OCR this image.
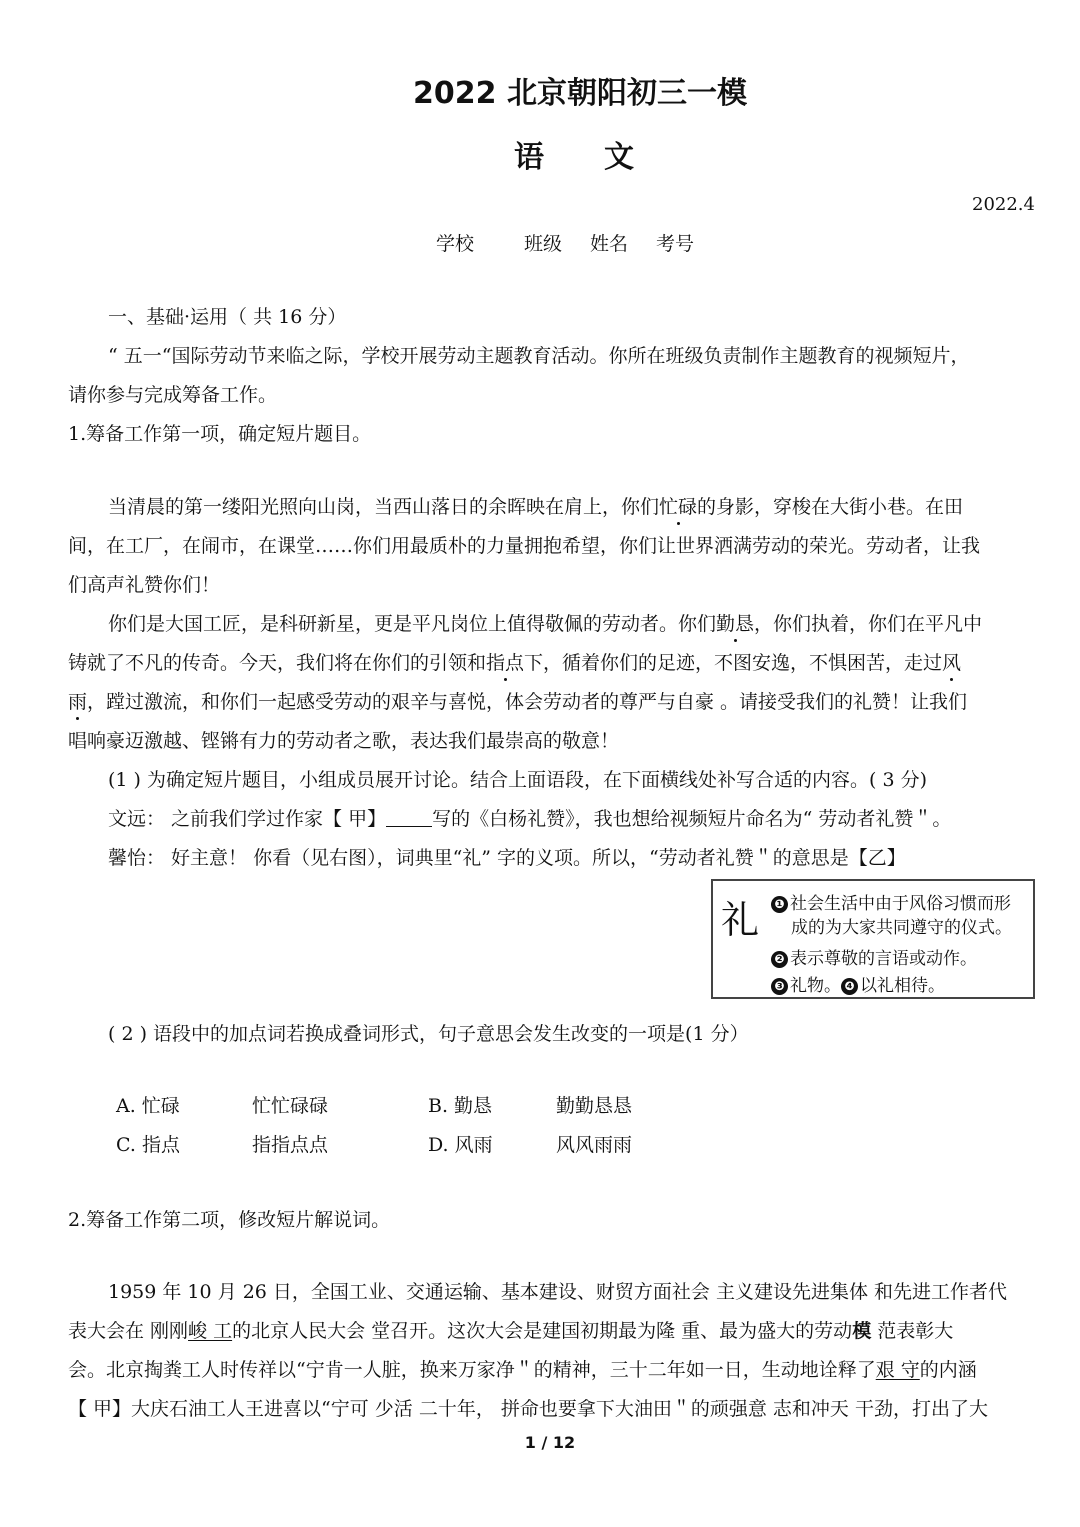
2022 北京朝阳初三一模
语文
2022.4
学校	班级 姓名 考号
一、基础·运用（ 共 16 分）
“ 五一“国际劳动节来临之际，学校开展劳动主题教育活动。你所在班级负责制作主题教育的视频短片，
请你参与完成筹备工作。
1.筹备工作第一项，确定短片题目。
当清晨的第一缕阳光照向山岗，当西山落日的余晖映在肩上，你们忙碌的身影，穿梭在大街小巷。在田
间，在工厂，在闹市，在课堂……你们用最质朴的力量拥抱希望，你们让世界洒满劳动的荣光。劳动者，让我
们高声礼赞你们！
你们是大国工匠，是科研新星，更是平凡岗位上值得敬佩的劳动者。你们勤恳，你们执着，你们在平凡中
铸就了不凡的传奇。今天，我们将在你们的引领和指点下，循着你们的足迹，不图安逸，不惧困苦，走过风
雨，蹚过激流，和你们一起感受劳动的艰辛与喜悦，体会劳动者的尊严与自豪 。请接受我们的礼赞！让我们
唱响豪迈激越、铿锵有力的劳动者之歌，表达我们最崇高的敬意！
(1 ) 为确定短片题目，小组成员展开讨论。结合上面语段，在下面横线处补写合适的内容。( 3 分)
文远： 之前我们学过作家【 甲】 写的《白杨礼赞》，我也想给视频短片命名为“ 劳动者礼赞＂。
馨怡： 好主意！ 你看（见右图），词典里“礼” 字的义项。所以，“劳动者礼赞＂的意思是【乙】
礼 ❶ 社会生活中由于风俗习惯而形
成的为大家共同遵守的仪式。
❷ 表示尊敬的言语或动作。
❸ 礼物。 ❹ 以礼相待。
( 2 ) 语段中的加点词若换成叠词形式，句子意思会发生改变的一项是(1 分）
A. 忙碌	忙忙碌碌	B. 勤恳	勤勤恳恳
C. 指点	指指点点	D. 风雨	风风雨雨
2.筹备工作第二项，修改短片解说词。
1959 年 10 月 26 日，全国工业、交通运输、基本建设、财贸方面社会 主义建设先进集体 和先进工作者代
表大会在 刚刚峻 工的北京人民大会 堂召开。这次大会是建国初期最为隆 重、最为盛大的劳动模 范表彰大
会。北京掏粪工人时传祥以“宁肯一人脏，换来万家净＂的精神，三十二年如一日，生动地诠释了艰 守的内涵
【 甲】大庆石油工人王进喜以“宁可 少活 二十年， 拼命也要拿下大油田＂的顽强意 志和冲天 干劲，打出了大
1 / 12
